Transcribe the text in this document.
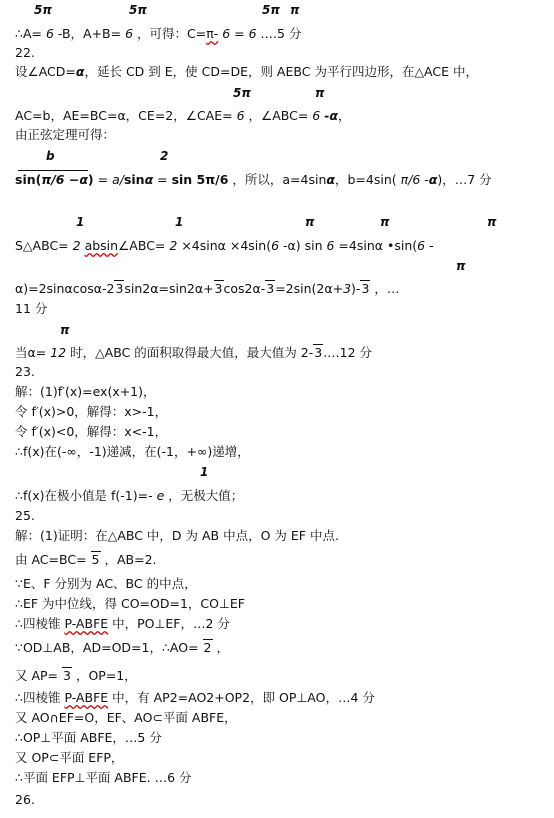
5π	5π	5π π
∴A= 6 -B，A+B= 6 ，可得：C=π- 6 = 6 .…5 分
22.
设∠ACD=α，延长 CD 到 E，使 CD=DE，则 AEBC 为平行四边形，在△ACE 中，
5π	π
AC=b，AE=BC=α，CE=2，∠CAE= 6 ，∠ABC= 6 -α，
由正弦定理可得：
b	2
sin(π/6 −α) = a/sinα = sin 5π/6 ，所以，a=4sinα，b=4sin( π/6 -α)，…7 分
1	1	π	π	π
S△ABC= 2 absin∠ABC= 2 ×4sinα ×4sin(6 -α) sin 6 =4sinα •sin(6 -
π
α)=2sinαcosα-23sin2α=sin2α+3cos2α-3=2sin(2α+3)-3 ，…
11 分
π
当α= 12 时，△ABC 的面积取得最大值，最大值为 2-3.…12 分
23.
解：(1)f′(x)=ex(x+1)，
令 f′(x)>0，解得：x>-1，
令 f′(x)<0，解得：x<-1，
∴f(x)在(-∞，-1)递减，在(-1，+∞)递增，
1
∴f(x)在极小值是 f(-1)=- e ，无极大值；
25.
解：(1)证明：在△ABC 中，D 为 AB 中点，O 为 EF 中点.
由 AC=BC= 5 ，AB=2.
∵E、F 分别为 AC、BC 的中点，
∴EF 为中位线，得 CO=OD=1，CO⊥EF
∴四棱锥 P-ABFE 中，PO⊥EF，…2 分
∵OD⊥AB，AD=OD=1，∴AO= 2 ，
又 AP= 3 ，OP=1，
∴四棱锥 P-ABFE 中，有 AP2=AO2+OP2，即 OP⊥AO，…4 分
又 AO∩EF=O，EF、AO⊂平面 ABFE，
∴OP⊥平面 ABFE，…5 分
又 OP⊂平面 EFP，
∴平面 EFP⊥平面 ABFE. …6 分
26.
